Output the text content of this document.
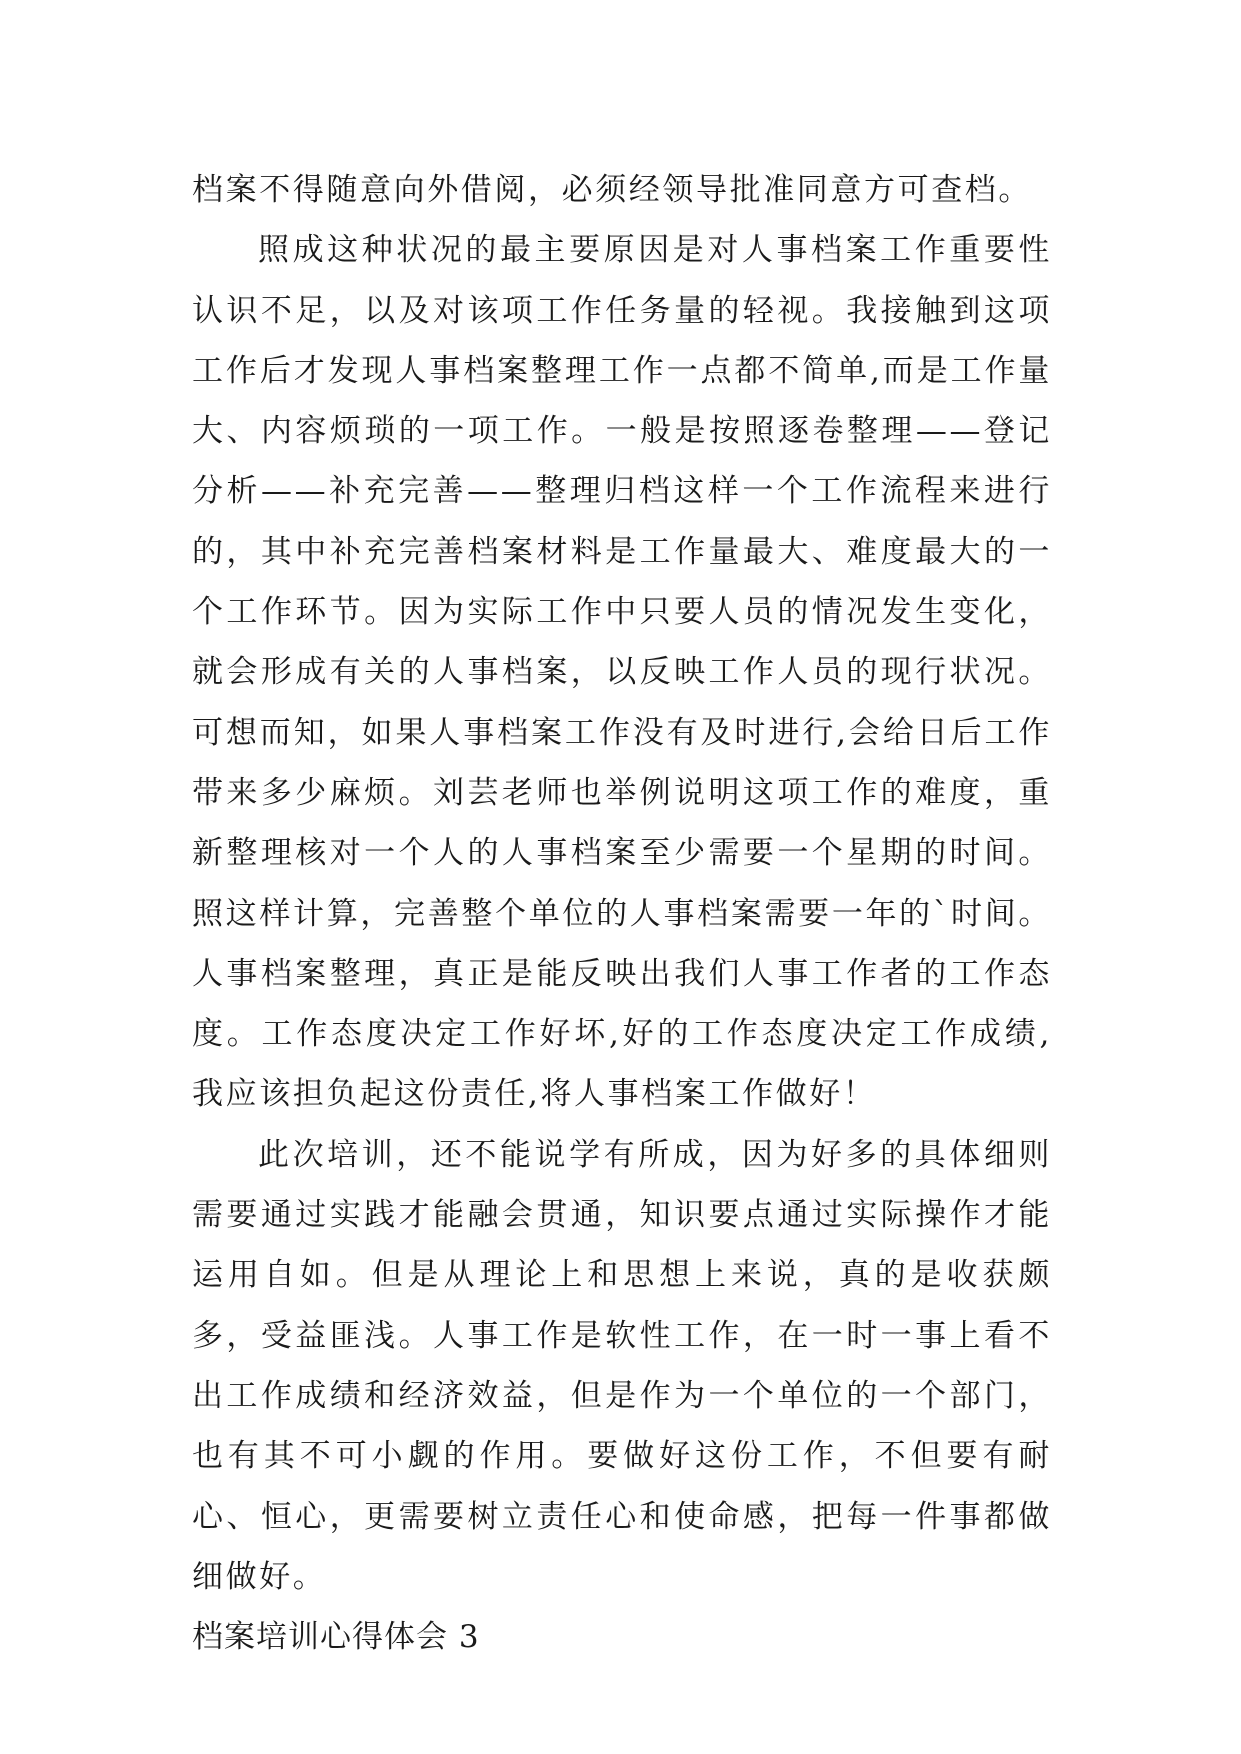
档案不得随意向外借阅，必须经领导批准同意方可查档。

照成这种状况的最主要原因是对人事档案工作重要性认识不足，以及对该项工作任务量的轻视。我接触到这项工作后才发现人事档案整理工作一点都不简单,而是工作量大、内容烦琐的一项工作。一般是按照逐卷整理——登记分析——补充完善——整理归档这样一个工作流程来进行的，其中补充完善档案材料是工作量最大、难度最大的一个工作环节。因为实际工作中只要人员的情况发生变化，就会形成有关的人事档案，以反映工作人员的现行状况。可想而知，如果人事档案工作没有及时进行,会给日后工作带来多少麻烦。刘芸老师也举例说明这项工作的难度，重新整理核对一个人的人事档案至少需要一个星期的时间。照这样计算，完善整个单位的人事档案需要一年的`时间。人事档案整理，真正是能反映出我们人事工作者的工作态度。工作态度决定工作好坏,好的工作态度决定工作成绩,我应该担负起这份责任,将人事档案工作做好！

此次培训，还不能说学有所成，因为好多的具体细则需要通过实践才能融会贯通，知识要点通过实际操作才能运用自如。但是从理论上和思想上来说，真的是收获颇多，受益匪浅。人事工作是软性工作，在一时一事上看不出工作成绩和经济效益，但是作为一个单位的一个部门，也有其不可小觑的作用。要做好这份工作，不但要有耐心、恒心，更需要树立责任心和使命感，把每一件事都做细做好。

档案培训心得体会 3
